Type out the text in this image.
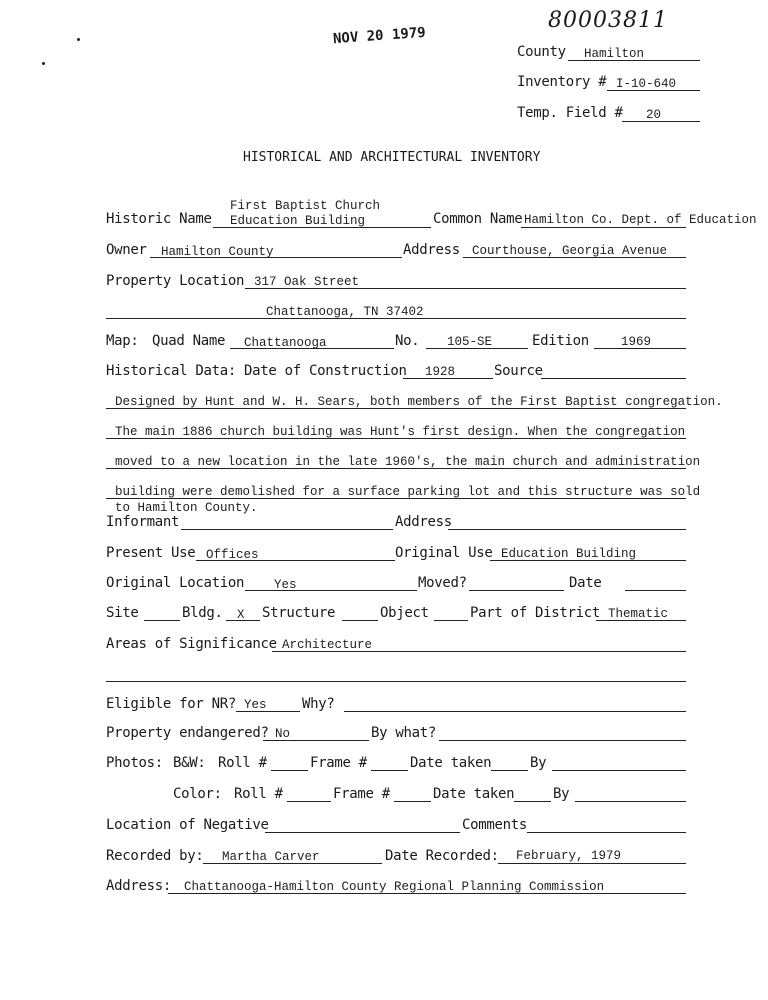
NOV 20 1979
80003811
County Hamilton
Inventory # I-10-640
Temp. Field # 20
HISTORICAL AND ARCHITECTURAL INVENTORY
Historic Name
First Baptist Church
Education Building	Common Name Hamilton Co. Dept. of Education
Owner Hamilton County	Address Courthouse, Georgia Avenue
Property Location 317 Oak Street
Chattanooga, TN 37402
Map: Quad Name Chattanooga	No. 105-SE	Edition	1969
Historical Data: Date of Construction 1928	Source
Designed by Hunt and W. H. Sears, both members of the First Baptist congregation.
The main 1886 church building was Hunt's first design. When the congregation
moved to a new location in the late 1960's, the main church and administration
building were demolished for a surface parking lot and this structure was sold
to Hamilton County.
Informant	Address
Present Use Offices	Original Use Education Building
Original Location Yes	Moved?	Date
Site	Bldg. X Structure	Object	Part of District Thematic
Areas of Significance Architecture
Eligible for NR? Yes	Why?
Property endangered? No	By what?
Photos: B&W: Roll #	Frame #	Date taken	By
Color: Roll #	Frame #	Date taken	By
Location of Negative	Comments
Recorded by: Martha Carver	Date Recorded: February, 1979
Address: Chattanooga-Hamilton County Regional Planning Commission
